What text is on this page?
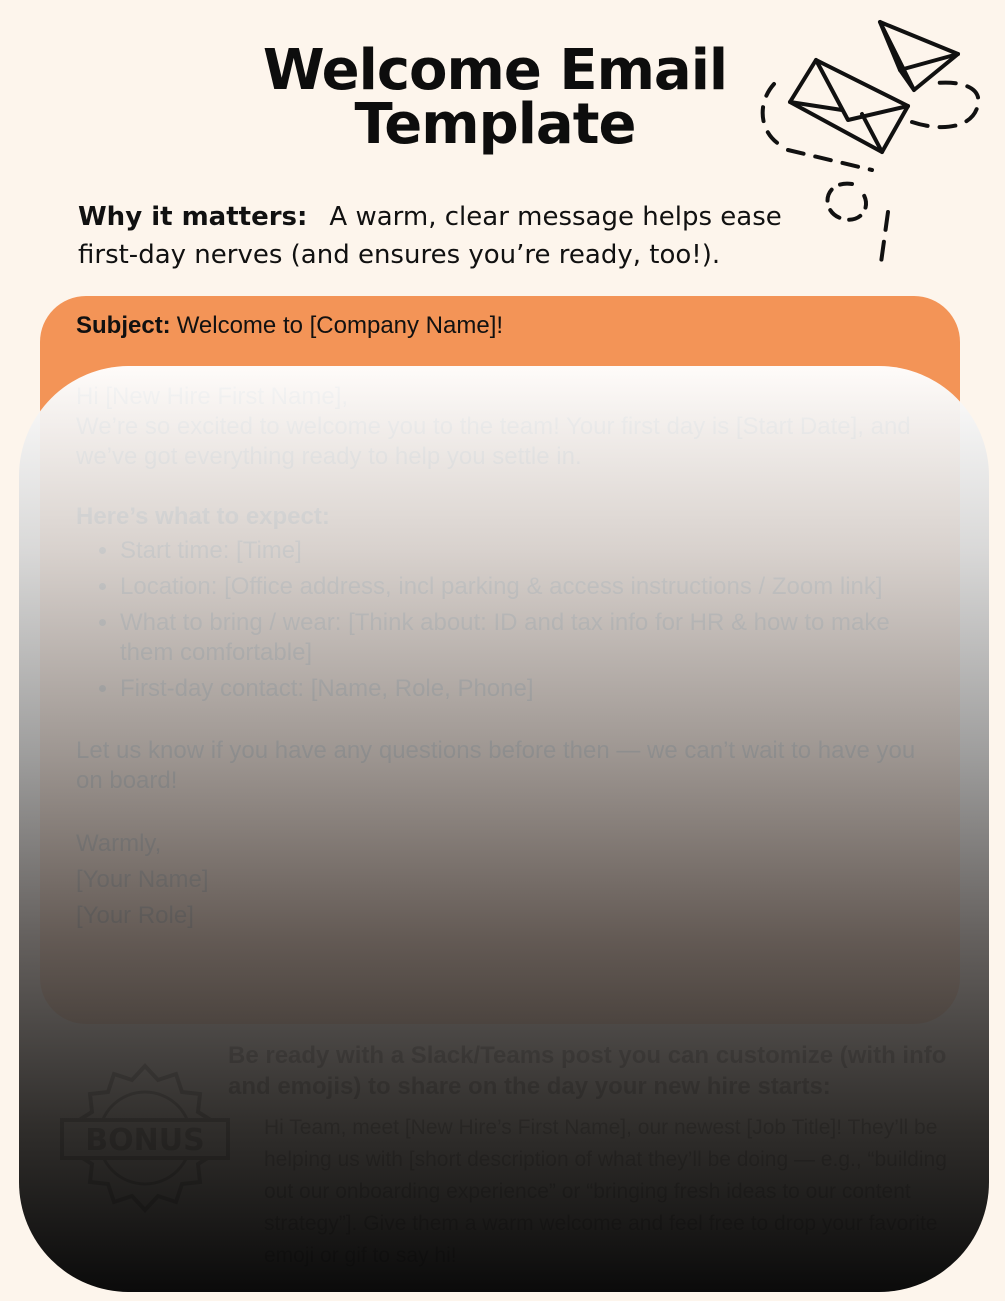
Welcome Email
Template
Why it matters: A warm, clear message helps ease first-day nerves (and ensures you’re ready, too!).
Subject: Welcome to [Company Name]!

•
•
•
•
